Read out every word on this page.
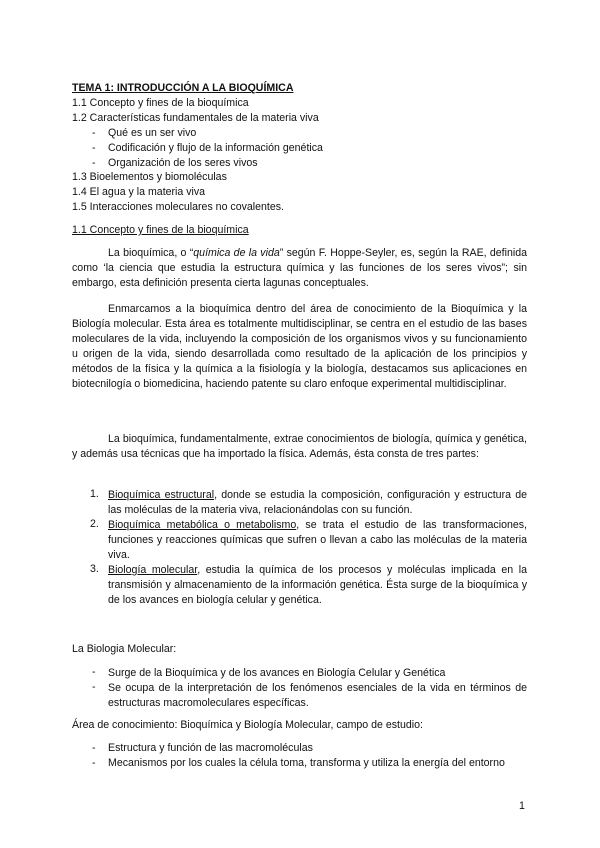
TEMA 1: INTRODUCCIÓN A LA BIOQUÍMICA
1.1 Concepto y fines de la bioquímica
1.2 Características fundamentales de la materia viva
- Qué es un ser vivo
- Codificación y flujo de la información genética
- Organización de los seres vivos
1.3 Bioelementos y biomoléculas
1.4 El agua y la materia viva
1.5 Interacciones moleculares no covalentes.
1.1 Concepto y fines de la bioquímica
La bioquímica, o “química de la vida” según F. Hoppe-Seyler, es, según la RAE, definida como ‘la ciencia que estudia la estructura química y las funciones de los seres vivos”; sin embargo, esta definición presenta cierta lagunas conceptuales.
Enmarcamos a la bioquímica dentro del área de conocimiento de la Bioquímica y la Biología molecular. Esta área es totalmente multidisciplinar, se centra en el estudio de las bases moleculares de la vida, incluyendo la composición de los organismos vivos y su funcionamiento u origen de la vida, siendo desarrollada como resultado de la aplicación de los principios y métodos de la física y la química a la fisiología y la biología, destacamos sus aplicaciones en biotecnilogía o biomedicina, haciendo patente su claro enfoque experimental multidisciplinar.
La bioquímica, fundamentalmente, extrae conocimientos de biología, química y genética, y además usa técnicas que ha importado la física. Además, ésta consta de tres partes:
1. Bioquímica estructural, donde se estudia la composición, configuración y estructura de las moléculas de la materia viva, relacionándolas con su función.
2. Bioquímica metabólica o metabolismo, se trata el estudio de las transformaciones, funciones y reacciones químicas que sufren o llevan a cabo las moléculas de la materia viva.
3. Biología molecular, estudia la química de los procesos y moléculas implicada en la transmisión y almacenamiento de la información genética. Ésta surge de la bioquímica y de los avances en biología celular y genética.
La Biologia Molecular:
- Surge de la Bioquímica y de los avances en Biología Celular y Genética
- Se ocupa de la interpretación de los fenómenos esenciales de la vida en términos de estructuras macromoleculares específicas.
Área de conocimiento: Bioquímica y Biología Molecular, campo de estudio:
- Estructura y función de las macromoléculas
- Mecanismos por los cuales la célula toma, transforma y utiliza la energía del entorno
1
